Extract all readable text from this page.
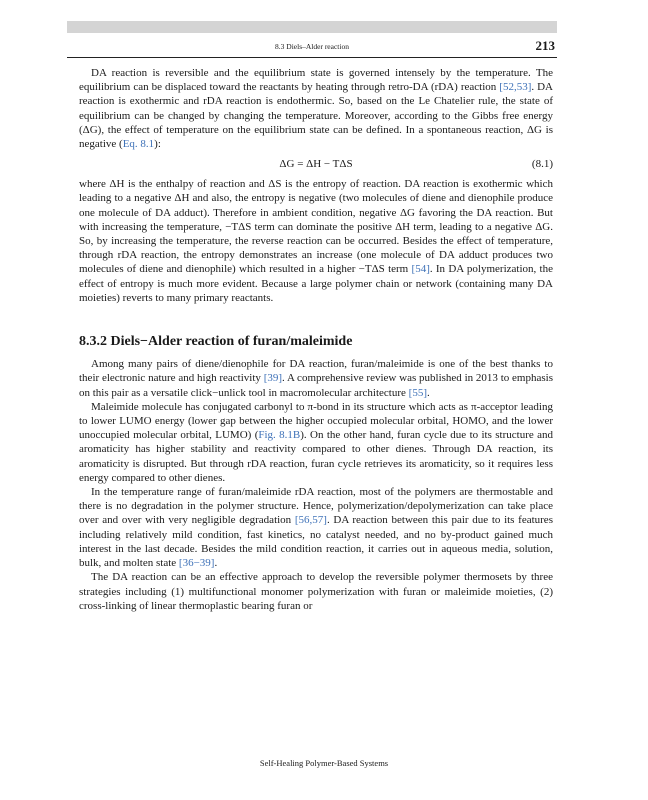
8.3 Diels–Alder reaction	213

DA reaction is reversible and the equilibrium state is governed intensely by the temperature. The equilibrium can be displaced toward the reactants by heating through retro-DA (rDA) reaction [52,53]. DA reaction is exothermic and rDA reaction is endothermic. So, based on the Le Chatelier rule, the state of equilibrium can be changed by changing the temperature. Moreover, according to the Gibbs free energy (ΔG), the effect of temperature on the equilibrium state can be defined. In a spontaneous reaction, ΔG is negative (Eq. 8.1):

ΔG = ΔH − TΔS	(8.1)

where ΔH is the enthalpy of reaction and ΔS is the entropy of reaction. DA reaction is exothermic which leading to a negative ΔH and also, the entropy is negative (two molecules of diene and dienophile produce one molecule of DA adduct). Therefore in ambient condition, negative ΔG favoring the DA reaction. But with increasing the temperature, −TΔS term can dominate the positive ΔH term, leading to a negative ΔG. So, by increasing the temperature, the reverse reaction can be occurred. Besides the effect of temperature, through rDA reaction, the entropy demonstrates an increase (one molecule of DA adduct produces two molecules of diene and dienophile) which resulted in a higher −TΔS term [54]. In DA polymerization, the effect of entropy is much more evident. Because a large polymer chain or network (containing many DA moieties) reverts to many primary reactants.

8.3.2 Diels−Alder reaction of furan/maleimide

Among many pairs of diene/dienophile for DA reaction, furan/maleimide is one of the best thanks to their electronic nature and high reactivity [39]. A comprehensive review was published in 2013 to emphasis on this pair as a versatile click−unlick tool in macromolecular architecture [55].

Maleimide molecule has conjugated carbonyl to π-bond in its structure which acts as π-acceptor leading to lower LUMO energy (lower gap between the higher occupied molecular orbital, HOMO, and the lower unoccupied molecular orbital, LUMO) (Fig. 8.1B). On the other hand, furan cycle due to its structure and aromaticity has higher stability and reactivity compared to other dienes. Through DA reaction, its aromaticity is disrupted. But through rDA reaction, furan cycle retrieves its aromaticity, so it requires less energy compared to other dienes.

In the temperature range of furan/maleimide rDA reaction, most of the polymers are thermostable and there is no degradation in the polymer structure. Hence, polymerization/depolymerization can take place over and over with very negligible degradation [56,57]. DA reaction between this pair due to its features including relatively mild condition, fast kinetics, no catalyst needed, and no by-product gained much interest in the last decade. Besides the mild condition reaction, it carries out in aqueous media, solution, bulk, and molten state [36−39].

The DA reaction can be an effective approach to develop the reversible polymer thermosets by three strategies including (1) multifunctional monomer polymerization with furan or maleimide moieties, (2) cross-linking of linear thermoplastic bearing furan or

Self-Healing Polymer-Based Systems
